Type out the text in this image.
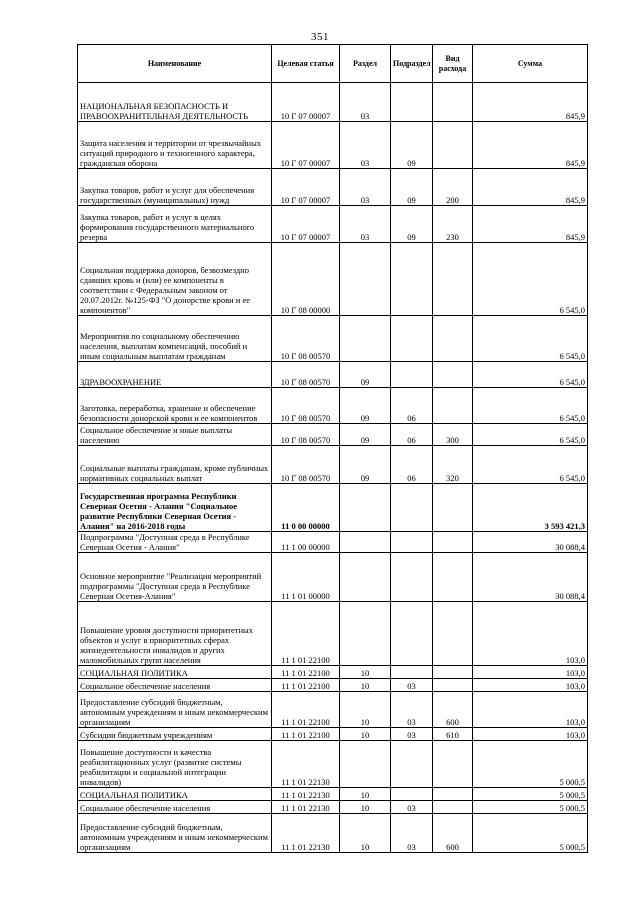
351
Наименование	Целевая статья	Раздел	Подраздел	Вид расхода	Сумма
НАЦИОНАЛЬНАЯ БЕЗОПАСНОСТЬ И ПРАВООХРАНИТЕЛЬНАЯ ДЕЯТЕЛЬНОСТЬ	10 Г 07 00007	03			845,9
Защита населения и территории от чрезвычайных ситуаций природного и техногенного характера, гражданская оборона	10 Г 07 00007	03	09		845,9
Закупка товаров, работ и услуг для обеспечения государственных (муниципальных) нужд	10 Г 07 00007	03	09	200	845,9
Закупка товаров, работ и услуг в целях формирования государственного материального резерва	10 Г 07 00007	03	09	230	845,9
Социальная поддержка доноров, безвозмездно сдавших кровь и (или) ее компоненты в соответствии с Федеральным законом от 20.07.2012г. №125-ФЗ "О донорстве крови и ее компонентов"	10 Г 08 00000				6 545,0
Мероприятия по социальному обеспечению населения, выплатам компенсаций, пособий и иным социальным выплатам гражданам	10 Г 08 00570				6 545,0
ЗДРАВООХРАНЕНИЕ	10 Г 08 00570	09			6 545,0
Заготовка, переработка, хранение и обеспечение безопасности донорской крови и ее компонентов	10 Г 08 00570	09	06		6 545,0
Социальное обеспечение и иные выплаты населению	10 Г 08 00570	09	06	300	6 545,0
Социальные выплаты гражданам, кроме публичных нормативных социальных выплат	10 Г 08 00570	09	06	320	6 545,0
Государственная программа Республики Северная Осетия - Алания "Социальное развитие Республики Северная Осетия - Алания" на 2016-2018 годы	11 0 00 00000				3 593 421,3
Подпрограмма "Доступная среда в Республике Северная Осетия - Алания"	11 1 00 00000				30 088,4
Основное мероприятие "Реализация мероприятий подпрограммы "Доступная среда в Республике Северная Осетия-Алания"	11 1 01 00000				30 088,4
Повышение уровня доступности приоритетных объектов и услуг в приоритетных сферах жизнедеятельности инвалидов и других маломобильных групп населения	11 1 01 22100				103,0
СОЦИАЛЬНАЯ ПОЛИТИКА	11 1 01 22100	10			103,0
Социальное обеспечение населения	11 1 01 22100	10	03		103,0
Предоставление субсидий бюджетным, автономным учреждениям и иным некоммерческим организациям	11 1 01 22100	10	03	600	103,0
Субсидии бюджетным учреждениям	11 1 01 22100	10	03	610	103,0
Повышение доступности и качества реабилитационных услуг (развитие системы реабилитации и социальной интеграции инвалидов)	11 1 01 22130				5 000,5
СОЦИАЛЬНАЯ ПОЛИТИКА	11 1 01 22130	10			5 000,5
Социальное обеспечение населения	11 1 01 22130	10	03		5 000,5
Предоставление субсидий бюджетным, автономным учреждениям и иным некоммерческим организациям	11 1 01 22130	10	03	600	5 000,5
